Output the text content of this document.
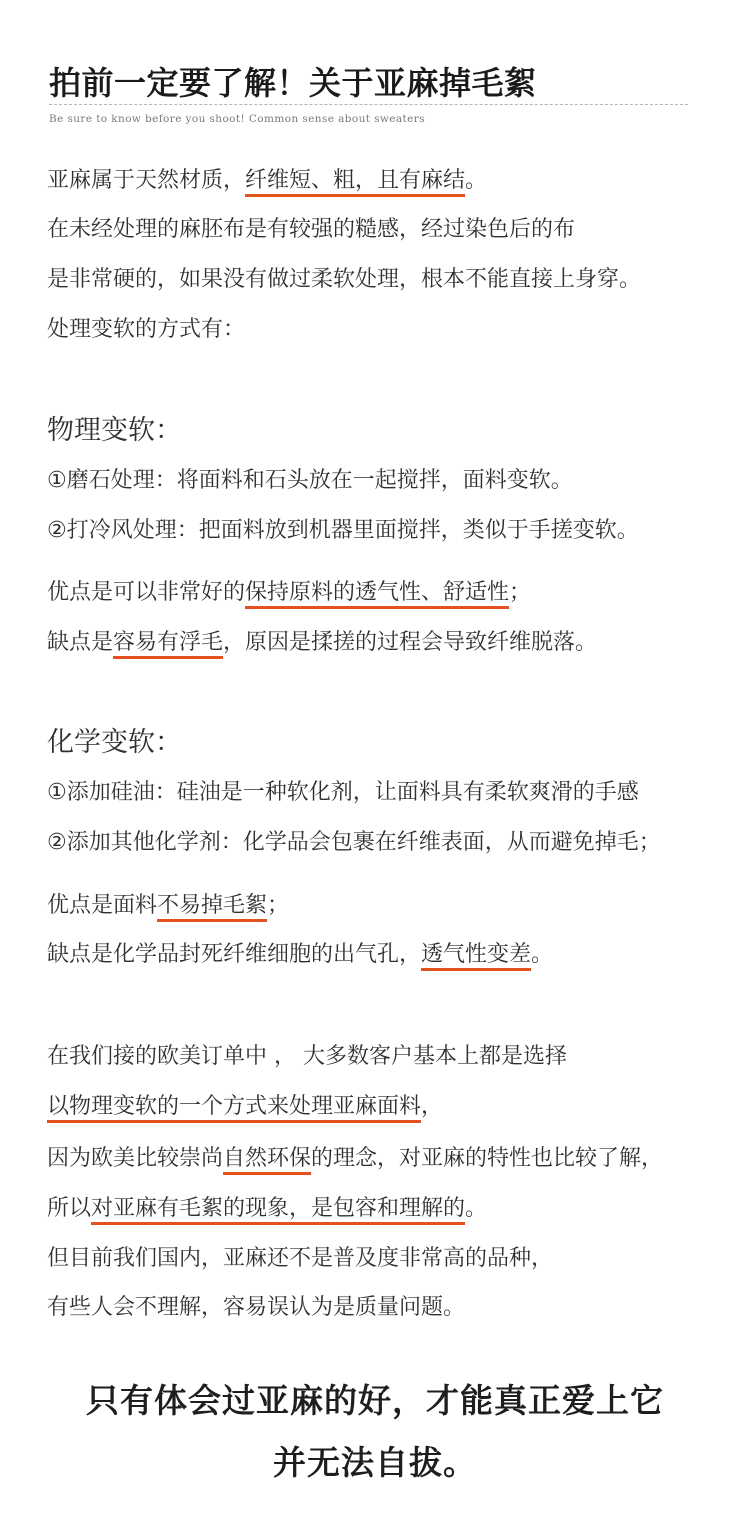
拍前一定要了解！关于亚麻掉毛絮
Be sure to know before you shoot! Common sense about sweaters
亚麻属于天然材质，纤维短、粗，且有麻结。
在未经处理的麻胚布是有较强的糙感，经过染色后的布
是非常硬的，如果没有做过柔软处理，根本不能直接上身穿。
处理变软的方式有：
物理变软：
①磨石处理：将面料和石头放在一起搅拌，面料变软。
②打冷风处理：把面料放到机器里面搅拌，类似于手搓变软。
优点是可以非常好的保持原料的透气性、舒适性；
缺点是容易有浮毛，原因是揉搓的过程会导致纤维脱落。
化学变软：
①添加硅油：硅油是一种软化剂，让面料具有柔软爽滑的手感
②添加其他化学剂：化学品会包裹在纤维表面，从而避免掉毛；
优点是面料不易掉毛絮；
缺点是化学品封死纤维细胞的出气孔，透气性变差。
在我们接的欧美订单中 ， 大多数客户基本上都是选择
以物理变软的一个方式来处理亚麻面料，
因为欧美比较崇尚自然环保的理念，对亚麻的特性也比较了解，
所以对亚麻有毛絮的现象，是包容和理解的。
但目前我们国内，亚麻还不是普及度非常高的品种，
有些人会不理解，容易误认为是质量问题。
只有体会过亚麻的好，才能真正爱上它
并无法自拔。
